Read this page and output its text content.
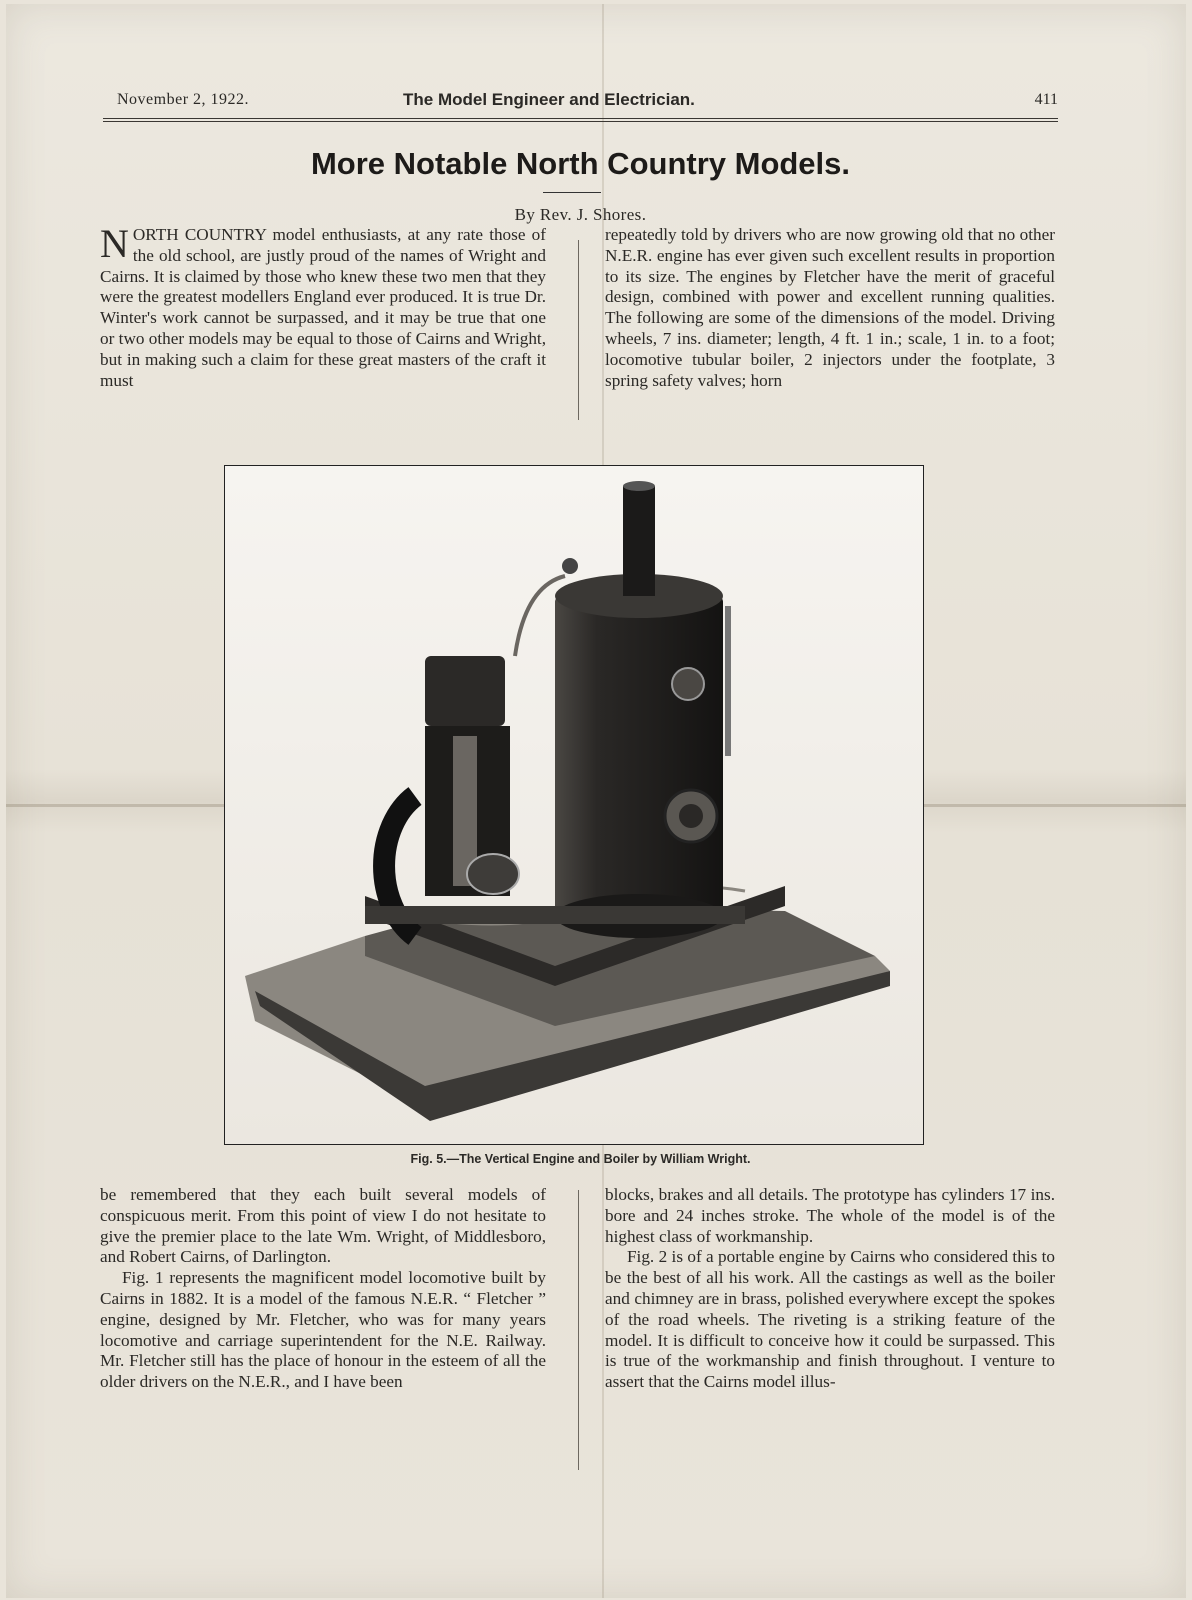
November 2, 1922.	The Model Engineer and Electrician.	411
More Notable North Country Models.
By Rev. J. Shores.

NORTH COUNTRY model enthusiasts, at any rate those of the old school, are justly proud of the names of Wright and Cairns. It is claimed by those who knew these two men that they were the greatest modellers England ever produced. It is true Dr. Winter's work cannot be surpassed, and it may be true that one or two other models may be equal to those of Cairns and Wright, but in making such a claim for these great masters of the craft it must

repeatedly told by drivers who are now growing old that no other N.E.R. engine has ever given such excellent results in proportion to its size. The engines by Fletcher have the merit of graceful design, combined with power and excellent running qualities. The following are some of the dimensions of the model. Driving wheels, 7 ins. diameter; length, 4 ft. 1 in.; scale, 1 in. to a foot; locomotive tubular boiler, 2 injectors under the footplate, 3 spring safety valves; horn

Fig. 5.—The Vertical Engine and Boiler by William Wright.

be remembered that they each built several models of conspicuous merit. From this point of view I do not hesitate to give the premier place to the late Wm. Wright, of Middlesboro, and Robert Cairns, of Darlington.

Fig. 1 represents the magnificent model locomotive built by Cairns in 1882. It is a model of the famous N.E.R. “ Fletcher ” engine, designed by Mr. Fletcher, who was for many years locomotive and carriage superintendent for the N.E. Railway. Mr. Fletcher still has the place of honour in the esteem of all the older drivers on the N.E.R., and I have been

blocks, brakes and all details. The prototype has cylinders 17 ins. bore and 24 inches stroke. The whole of the model is of the highest class of workmanship.

Fig. 2 is of a portable engine by Cairns who considered this to be the best of all his work. All the castings as well as the boiler and chimney are in brass, polished everywhere except the spokes of the road wheels. The riveting is a striking feature of the model. It is difficult to conceive how it could be surpassed. This is true of the workmanship and finish throughout. I venture to assert that the Cairns model illus-
